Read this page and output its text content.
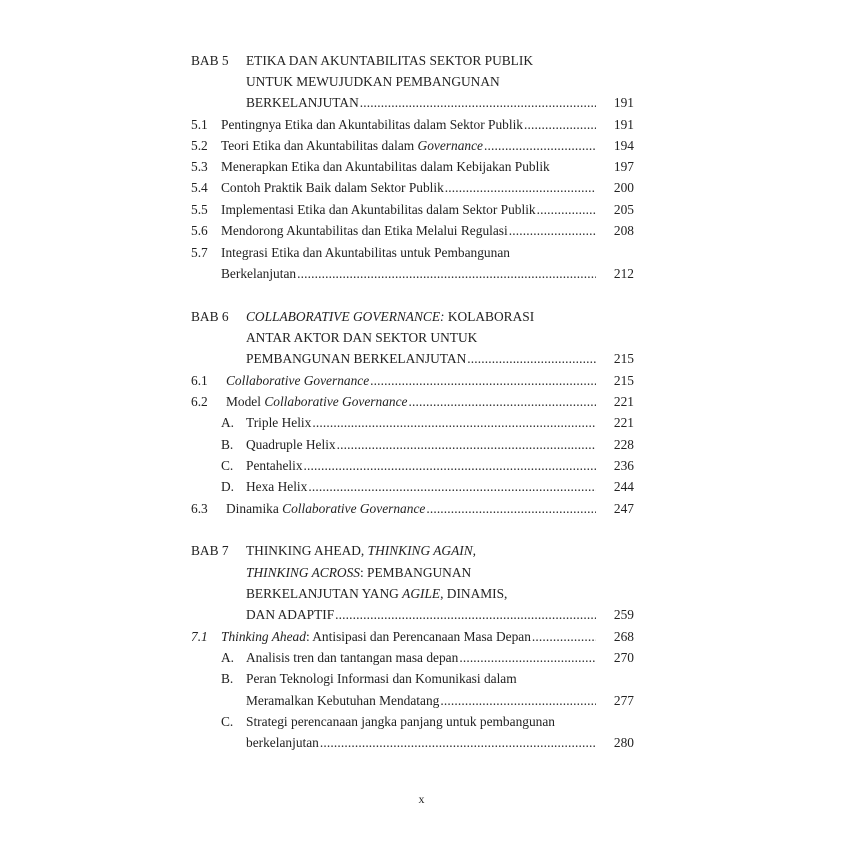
BAB 5	ETIKA DAN AKUNTABILITAS SEKTOR PUBLIK
UNTUK MEWUJUDKAN PEMBANGUNAN
BERKELANJUTAN . . .	191
5.1 Pentingnya Etika dan Akuntabilitas dalam Sektor Publik . . .	191
5.2 Teori Etika dan Akuntabilitas dalam Governance . . .	194
5.3 Menerapkan Etika dan Akuntabilitas dalam Kebijakan Publik	197
5.4 Contoh Praktik Baik dalam Sektor Publik . . .	200
5.5 Implementasi Etika dan Akuntabilitas dalam Sektor Publik . . .	205
5.6 Mendorong Akuntabilitas dan Etika Melalui Regulasi . . .	208
5.7 Integrasi Etika dan Akuntabilitas untuk Pembangunan
Berkelanjutan . . .	212
BAB 6	COLLABORATIVE GOVERNANCE: KOLABORASI
ANTAR AKTOR DAN SEKTOR UNTUK
PEMBANGUNAN BERKELANJUTAN . . .	215
6.1	Collaborative Governance . . .	215
6.2	Model Collaborative Governance . . .	221
A. Triple Helix . . .	221
B. Quadruple Helix . . .	228
C. Pentahelix . . .	236
D. Hexa Helix . . .	244
6.3	Dinamika Collaborative Governance . . .	247
BAB 7	THINKING AHEAD, THINKING AGAIN,
THINKING ACROSS: PEMBANGUNAN
BERKELANJUTAN YANG AGILE, DINAMIS,
DAN ADAPTIF . . .	259
7.1 Thinking Ahead: Antisipasi dan Perencanaan Masa Depan . . .	268
A. Analisis tren dan tantangan masa depan . . .	270
B. Peran Teknologi Informasi dan Komunikasi dalam
Meramalkan Kebutuhan Mendatang . . .	277
C. Strategi perencanaan jangka panjang untuk pembangunan
berkelanjutan . . .	280
x
